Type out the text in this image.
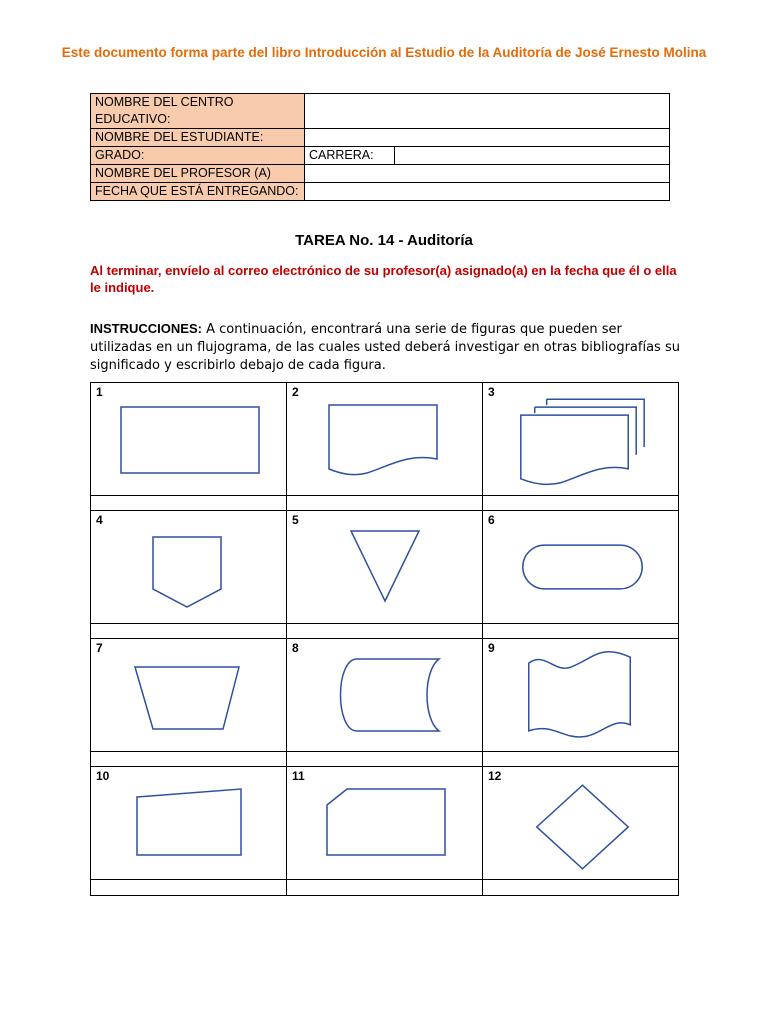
Este documento forma parte del libro Introducción al Estudio de la Auditoría de José Ernesto Molina
NOMBRE DEL CENTRO
EDUCATIVO:		
NOMBRE DEL ESTUDIANTE:		
GRADO:	CARRERA:		
NOMBRE DEL PROFESOR (A)		
FECHA QUE ESTÁ ENTREGANDO:		
TAREA No. 14 - Auditoría
Al terminar, envíelo al correo electrónico de su profesor(a) asignado(a) en la fecha que él o ella le indique.
INSTRUCCIONES: A continuación, encontrará una serie de figuras que pueden ser utilizadas en un flujograma, de las cuales usted deberá investigar en otras bibliografías su significado y escribirlo debajo de cada figura.
1	2	3
4	5	6
7	8	9
10	11	12
